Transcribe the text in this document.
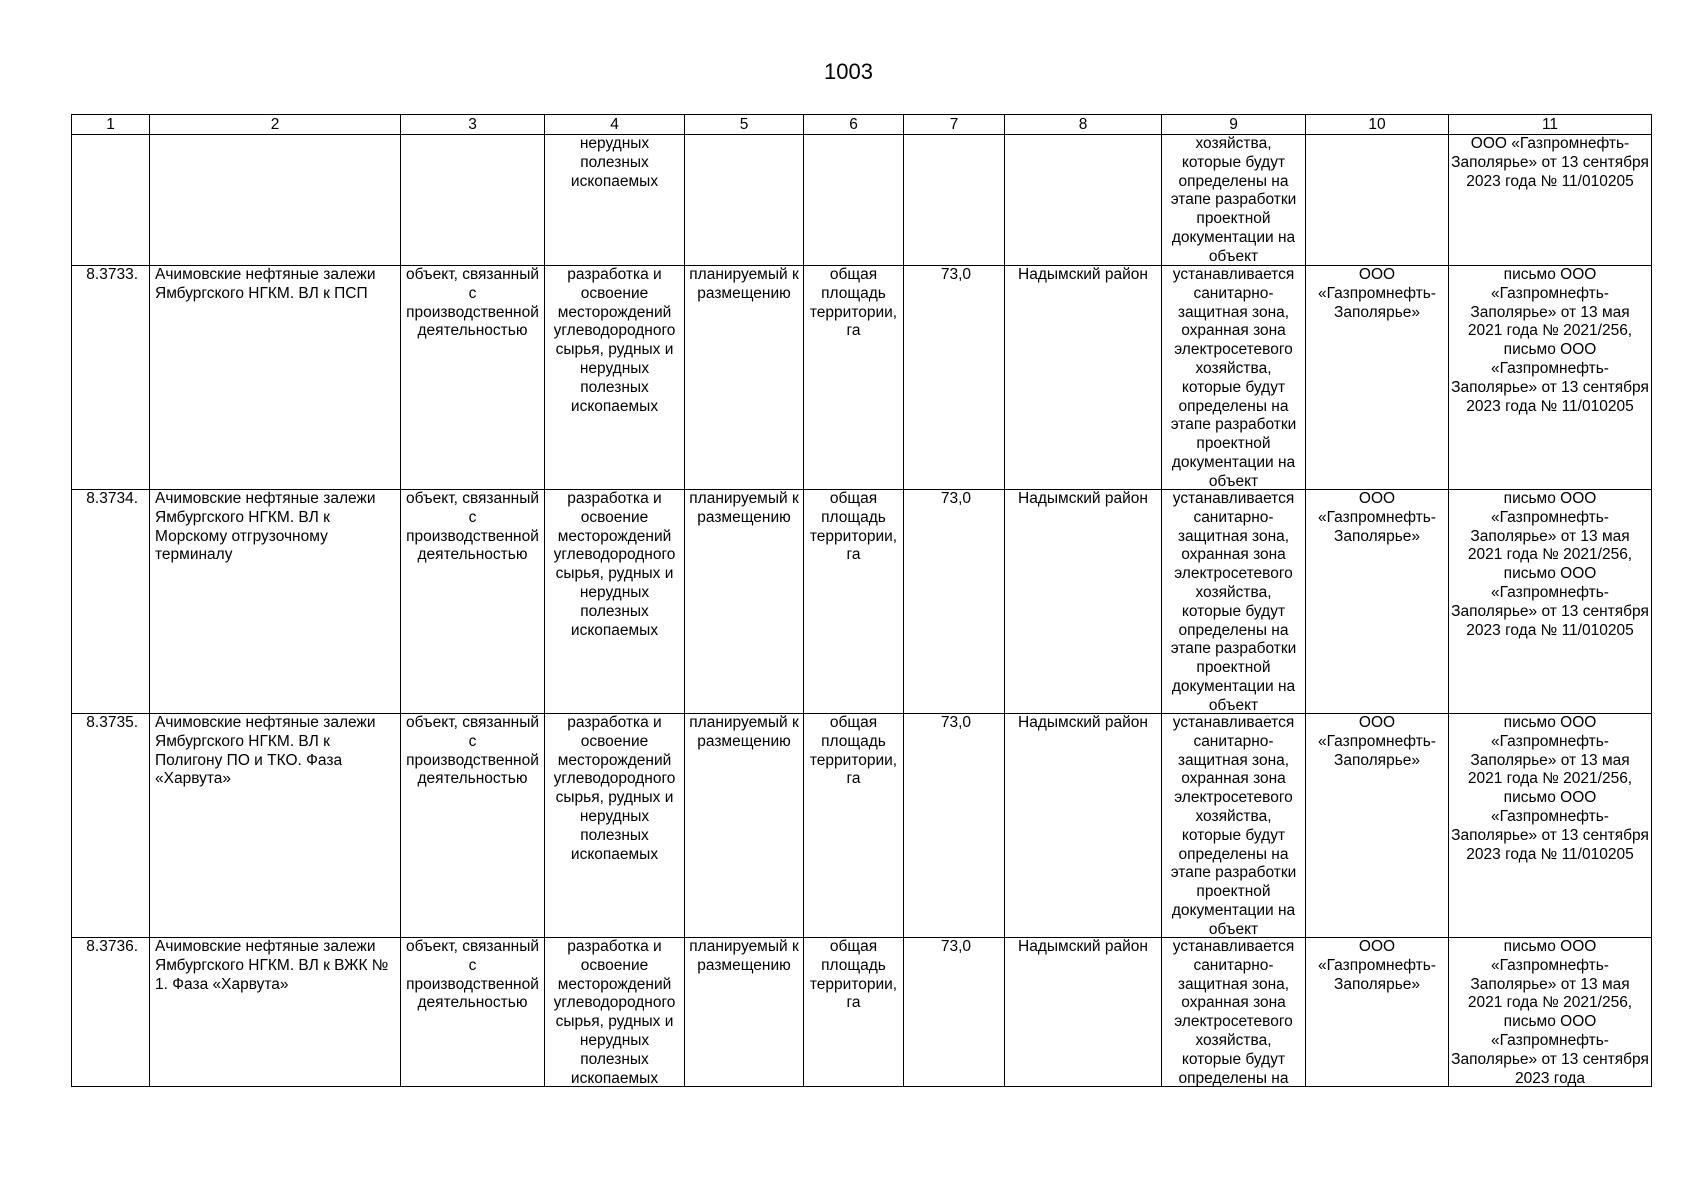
1003
1	2	3	4	5	6	7	8	9	10	11

			нерудных полезных ископаемых					хозяйства, которые будут определены на этапе разработки проектной документации на объект		ООО «Газпромнефть-Заполярье» от 13 сентября 2023 года № 11/010205

8.3733.	Ачимовские нефтяные залежи Ямбургского НГКМ. ВЛ к ПСП	объект, связанный с производственной деятельностью	разработка и освоение месторождений углеводородного сырья, рудных и нерудных полезных ископаемых	планируемый к размещению	общая площадь территории, га	73,0	Надымский район	устанавливается санитарно-защитная зона, охранная зона электросетевого хозяйства, которые будут определены на этапе разработки проектной документации на объект	ООО «Газпромнефть-Заполярье»	письмо ООО «Газпромнефть-Заполярье» от 13 мая 2021 года № 2021/256, письмо ООО «Газпромнефть-Заполярье» от 13 сентября 2023 года № 11/010205

8.3734.	Ачимовские нефтяные залежи Ямбургского НГКМ. ВЛ к Морскому отгрузочному терминалу	объект, связанный с производственной деятельностью	разработка и освоение месторождений углеводородного сырья, рудных и нерудных полезных ископаемых	планируемый к размещению	общая площадь территории, га	73,0	Надымский район	устанавливается санитарно-защитная зона, охранная зона электросетевого хозяйства, которые будут определены на этапе разработки проектной документации на объект	ООО «Газпромнефть-Заполярье»	письмо ООО «Газпромнефть-Заполярье» от 13 мая 2021 года № 2021/256, письмо ООО «Газпромнефть-Заполярье» от 13 сентября 2023 года № 11/010205

8.3735.	Ачимовские нефтяные залежи Ямбургского НГКМ. ВЛ к Полигону ПО и ТКО. Фаза «Харвута»	объект, связанный с производственной деятельностью	разработка и освоение месторождений углеводородного сырья, рудных и нерудных полезных ископаемых	планируемый к размещению	общая площадь территории, га	73,0	Надымский район	устанавливается санитарно-защитная зона, охранная зона электросетевого хозяйства, которые будут определены на этапе разработки проектной документации на объект	ООО «Газпромнефть-Заполярье»	письмо ООО «Газпромнефть-Заполярье» от 13 мая 2021 года № 2021/256, письмо ООО «Газпромнефть-Заполярье» от 13 сентября 2023 года № 11/010205

8.3736.	Ачимовские нефтяные залежи Ямбургского НГКМ. ВЛ к ВЖК № 1. Фаза «Харвута»	объект, связанный с производственной деятельностью	разработка и освоение месторождений углеводородного сырья, рудных и нерудных полезных ископаемых	планируемый к размещению	общая площадь территории, га	73,0	Надымский район	устанавливается санитарно-защитная зона, охранная зона электросетевого хозяйства, которые будут определены на	ООО «Газпромнефть-Заполярье»	письмо ООО «Газпромнефть-Заполярье» от 13 мая 2021 года № 2021/256, письмо ООО «Газпромнефть-Заполярье» от 13 сентября 2023 года
